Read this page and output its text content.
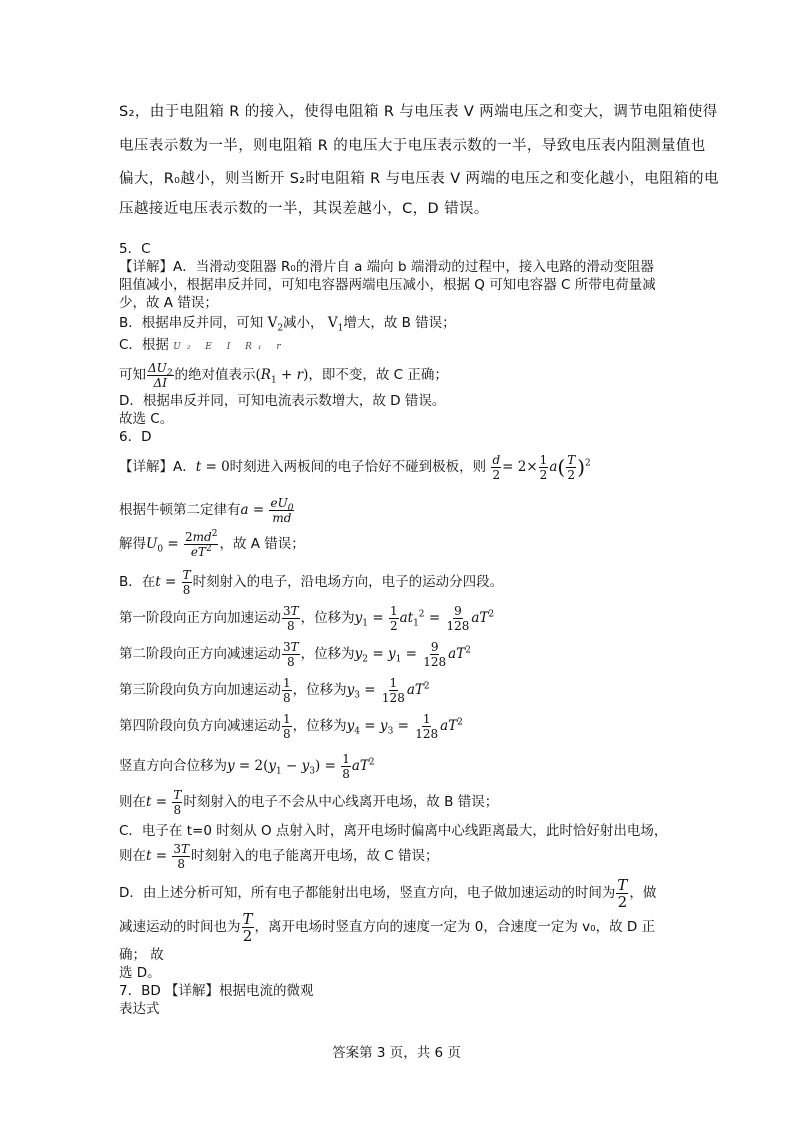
S₂，由于电阻箱 R 的接入，使得电阻箱 R 与电压表 V 两端电压之和变大，调节电阻箱使得
电压表示数为一半，则电阻箱 R 的电压大于电压表示数的一半，导致电压表内阻测量值也
偏大，R₀越小，则当断开 S₂时电阻箱 R 与电压表 V 两端的电压之和变化越小，电阻箱的电
压越接近电压表示数的一半，其误差越小，C，D 错误。
5．C
【详解】A．当滑动变阻器 R₀的滑片自 a 端向 b 端滑动的过程中，接入电路的滑动变阻器
阻值减小，根据串反并同，可知电容器两端电压减小，根据 Q 可知电容器 C 所带电荷量减
少，故 A 错误；
B．根据串反并同，可知 $V_2$减小， $V_1$增大，故 B 错误；
C．根据 U₂ E I R₁ r
可知 $\frac{\Delta U_2}{\Delta I}$ 的绝对值表示$(R_1 + r)$，即不变，故 C 正确；
D．根据串反并同，可知电流表示数增大，故 D 错误。
故选 C。
6．D
【详解】A．t = 0时刻进入两板间的电子恰好不碰到极板，则 $\frac{d}{2} = 2\times \frac{1}{2} a( \frac{T}{2} )^2$
根据牛顿第二定律有$a = \frac{eU_0}{md}$
解得$U_0 = \frac{2md^2}{eT^2}$ ，故 A 错误；
B．在$t = \frac{T}{8}$ 时刻射入的电子，沿电场方向，电子的运动分四段。
第一阶段向正方向加速运动 $\frac{3T}{8}$ ，位移为$y_1 = \frac{1}{2} at_1^2 = \frac{9}{128} aT^2$
第二阶段向正方向减速运动 $\frac{3T}{8}$ ，位移为$y_2 = y_1 = \frac{9}{128} aT^2$
第三阶段向负方向加速运动 $\frac{1}{8}$ ，位移为$y_3 = \frac{1}{128} aT^2$
第四阶段向负方向减速运动 $\frac{1}{8}$ ，位移为$y_4 = y_3 = \frac{1}{128} aT^2$
竖直方向合位移为$y = 2(y_1 - y_3) = \frac{1}{8} aT^2$
则在$t = \frac{T}{8}$ 时刻射入的电子不会从中心线离开电场，故 B 错误；
C．电子在 t=0 时刻从 O 点射入时，离开电场时偏离中心线距离最大，此时恰好射出电场，
则在$t = \frac{3T}{8}$ 时刻射入的电子能离开电场，故 C 错误；
D．由上述分析可知，所有电子都能射出电场，竖直方向，电子做加速运动的时间为 $\frac{T}{2}$ ，做
减速运动的时间也为 $\frac{T}{2}$ ，离开电场时竖直方向的速度一定为 0，合速度一定为 v₀，故 D 正
确； 故
选 D。
7．BD 【详解】根据电流的微观
表达式
答案第 3 页，共 6 页
